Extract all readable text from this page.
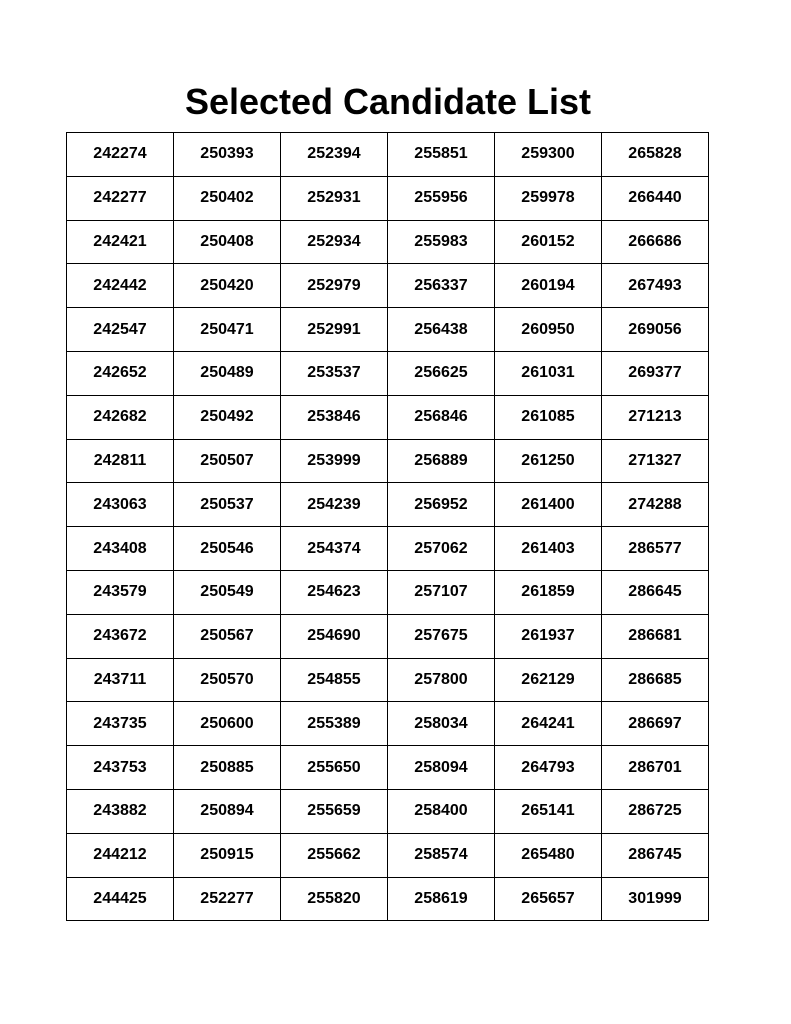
Selected Candidate List
242274	250393	252394	255851	259300	265828
242277	250402	252931	255956	259978	266440
242421	250408	252934	255983	260152	266686
242442	250420	252979	256337	260194	267493
242547	250471	252991	256438	260950	269056
242652	250489	253537	256625	261031	269377
242682	250492	253846	256846	261085	271213
242811	250507	253999	256889	261250	271327
243063	250537	254239	256952	261400	274288
243408	250546	254374	257062	261403	286577
243579	250549	254623	257107	261859	286645
243672	250567	254690	257675	261937	286681
243711	250570	254855	257800	262129	286685
243735	250600	255389	258034	264241	286697
243753	250885	255650	258094	264793	286701
243882	250894	255659	258400	265141	286725
244212	250915	255662	258574	265480	286745
244425	252277	255820	258619	265657	301999
